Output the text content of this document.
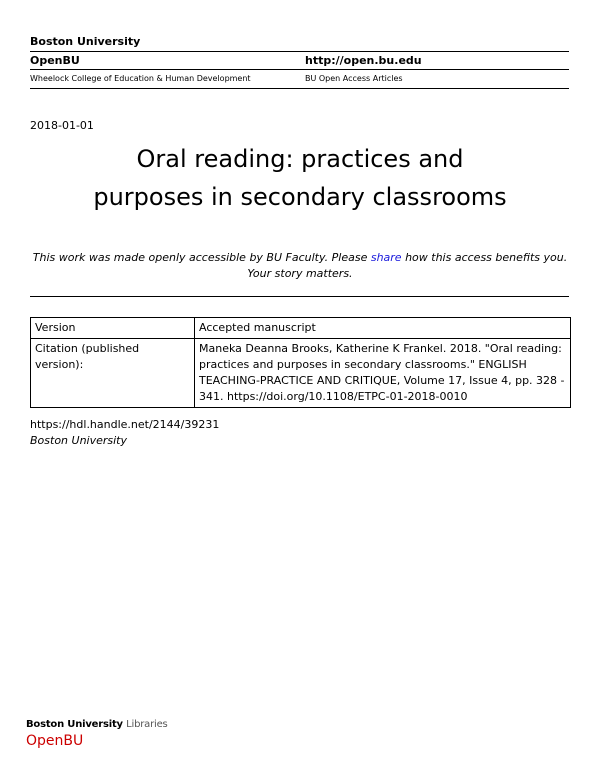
Boston University
OpenBU	http://open.bu.edu
Wheelock College of Education & Human Development	BU Open Access Articles
2018-01-01
Oral reading: practices and
purposes in secondary classrooms
This work was made openly accessible by BU Faculty. Please share how this access benefits you.
Your story matters.
Version	Accepted manuscript
Citation (published version):	Maneka Deanna Brooks, Katherine K Frankel. 2018. "Oral reading: practices and purposes in secondary classrooms." ENGLISH TEACHING-PRACTICE AND CRITIQUE, Volume 17, Issue 4, pp. 328 - 341. https://doi.org/10.1108/ETPC-01-2018-0010
https://hdl.handle.net/2144/39231
Boston University
Boston University Libraries
OpenBU
